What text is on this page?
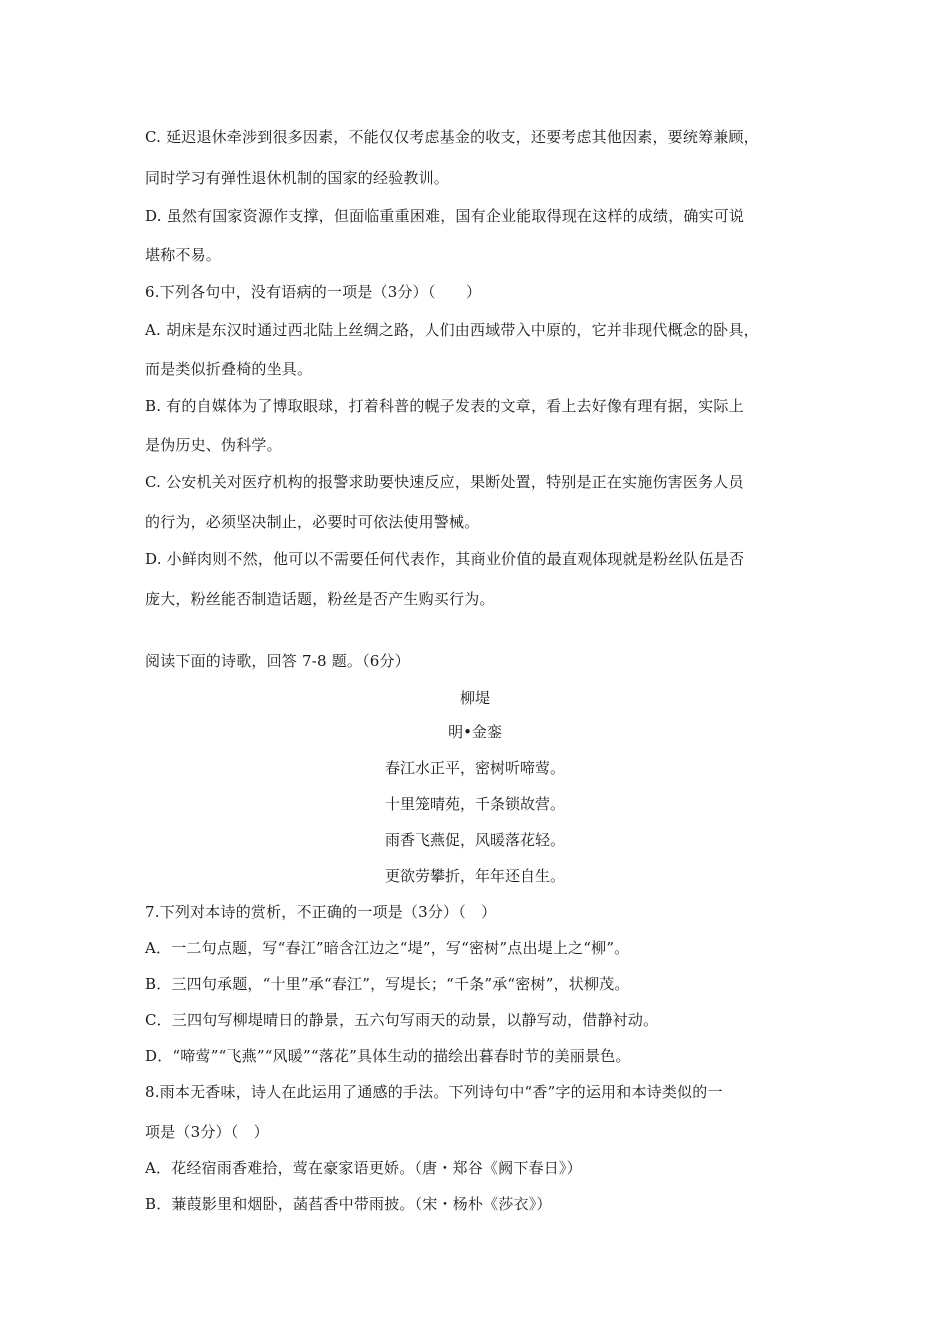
C. 延迟退休牵涉到很多因素，不能仅仅考虑基金的收支，还要考虑其他因素，要统筹兼顾，
同时学习有弹性退休机制的国家的经验教训。
D. 虽然有国家资源作支撑，但面临重重困难，国有企业能取得现在这样的成绩，确实可说
堪称不易。
6.下列各句中，没有语病的一项是（3分）（　　）
A. 胡床是东汉时通过西北陆上丝绸之路，人们由西域带入中原的，它并非现代概念的卧具，
而是类似折叠椅的坐具。
B. 有的自媒体为了博取眼球，打着科普的幌子发表的文章，看上去好像有理有据，实际上
是伪历史、伪科学。
C. 公安机关对医疗机构的报警求助要快速反应，果断处置，特别是正在实施伤害医务人员
的行为，必须坚决制止，必要时可依法使用警械。
D. 小鲜肉则不然，他可以不需要任何代表作，其商业价值的最直观体现就是粉丝队伍是否
庞大，粉丝能否制造话题，粉丝是否产生购买行为。
阅读下面的诗歌，回答 7-8 题。（6分）
柳堤
明•金銮
春江水正平，密树听啼莺。
十里笼晴苑，千条锁故营。
雨香飞燕促，风暖落花轻。
更欲劳攀折，年年还自生。
7.下列对本诗的赏析，不正确的一项是（3分）（　）
A．一二句点题，写“春江”暗含江边之“堤”，写“密树”点出堤上之“柳”。
B．三四句承题，“十里”承“春江”，写堤长；“千条”承“密树”，状柳茂。
C．三四句写柳堤晴日的静景，五六句写雨天的动景，以静写动，借静衬动。
D．“啼莺”“飞燕”“风暖”“落花”具体生动的描绘出暮春时节的美丽景色。
8.雨本无香味，诗人在此运用了通感的手法。下列诗句中“香”字的运用和本诗类似的一
项是（3分）（　）
A．花经宿雨香难拾，莺在豪家语更娇。（唐・郑谷《阙下春日》）
B．蒹葭影里和烟卧，菡萏香中带雨披。（宋・杨朴《莎衣》）
